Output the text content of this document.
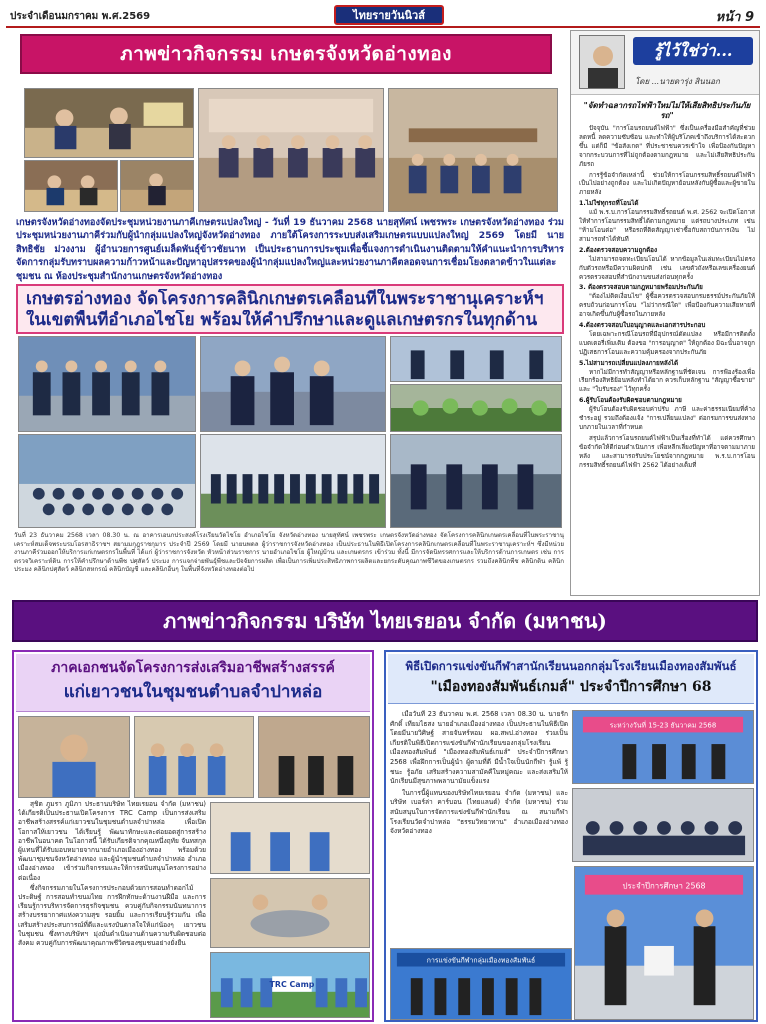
ประจำเดือนมกราคม พ.ศ.2569	ไทยรายวันนิวส์	หน้า 9
ภาพข่าวกิจกรรม เกษตรจังหวัดอ่างทอง
เกษตรจังหวัดอ่างทองจัดประชุมหน่วยงานภาคีเกษตรแปลงใหญ่ - วันที่ 19 ธันวาคม 2568 นายสุทัศน์ เพชรพระ เกษตรจังหวัดอ่างทอง ร่วมประชุมหน่วยงานภาคีร่วมกับผู้นำกลุ่มแปลงใหญ่จังหวัดอ่างทอง ภายใต้โครงการระบบส่งเสริมเกษตรแบบแปลงใหญ่ 2569 โดยมี นายสิทธิชัย ม่วงงาม ผู้อำนวยการศูนย์เมล็ดพันธุ์ข้าวชัยนาท เป็นประธานการประชุมเพื่อชี้แจงการดำเนินงานติดตามให้คำแนะนำการบริหารจัดการกลุ่มรับทราบผลความก้าวหน้าและปัญหาอุปสรรคของผู้นำกลุ่มแปลงใหญ่และหน่วยงานภาคีตลอดจนการเชื่อมโยงตลาดข้าวในแต่ละชุมชน ณ ห้องประชุมสำนักงานเกษตรจังหวัดอ่างทอง
เกษตรอ่างทอง จัดโครงการคลินิกเกษตรเคลื่อนที่ในพระราชานุเคราะห์ฯ
ในเขตพื้นที่อำเภอไชโย พร้อมให้คำปรึกษาและดูแลเกษตรกรในทุกด้าน
วันที่ 23 ธันวาคม 2568 เวลา 08.30 น. ณ อาคารเอนกประสงค์โรงเรียนวัดไชโย อำเภอไชโย จังหวัดอ่างทอง นายสุทัศน์ เพชรพระ เกษตรจังหวัดอ่างทอง จัดโครงการคลินิกเกษตรเคลื่อนที่ในพระราชานุเคราะห์สมเด็จพระบรมโอรสาธิราชฯ สยามมกุฎราชกุมาร ประจำปี 2569 โดยมี นายนพดล ผู้ว่าราชการจังหวัดอ่างทอง เป็นประธานในพิธีเปิดโครงการคลินิกเกษตรเคลื่อนที่ในพระราชานุเคราะห์ฯ ซึ่งมีหน่วยงานภาคีร่วมออกให้บริการแก่เกษตรกรในพื้นที่ ได้แก่ ผู้ว่าราชการจังหวัด หัวหน้าส่วนราชการ นายอำเภอไชโย ผู้ใหญ่บ้าน และเกษตรกร เข้าร่วม ทั้งนี้ มีการจัดนิทรรศการและให้บริการด้านการเกษตร เช่น การตรวจวิเคราะห์ดิน การให้คำปรึกษาด้านพืช ปศุสัตว์ ประมง การแจกจ่ายพันธุ์พืชและปัจจัยการผลิต เพื่อเป็นการเพิ่มประสิทธิภาพการผลิตและยกระดับคุณภาพชีวิตของเกษตรกร รวมถึงคลินิกพืช คลินิกดิน คลินิกประมง คลินิกปศุสัตว์ คลินิกสหกรณ์ คลินิกบัญชี และคลินิกอื่นๆ ในพื้นที่จังหวัดอ่างทองต่อไป
รู้ไว้ใช่ว่า...
โดย ...นายดารุ่ง สินนอก
"จัดทำฉลากรถไฟฟ้าใหม่ไม่ให้เสียสิทธิประกันภัยรถ"

ปัจจุบัน "การโอนรถยนต์ไฟฟ้า" ซึ่งเป็นเครื่องมือสำคัญที่ช่วยลดหนี้ ลดความซับซ้อน และทำให้ผู้บริโภคเข้าถึงบริการได้สะดวกขึ้น แต่ก็มี "ข้อสังเกต" ที่ประชาชนควรเข้าใจ เพื่อป้องกันปัญหาจากกระบวนการที่ไม่ถูกต้องตามกฎหมาย และไม่เสียสิทธิประกันภัยรถ

การรู้ข้อจำกัดเหล่านี้ ช่วยให้การโอนกรรมสิทธิ์รถยนต์ไฟฟ้าเป็นไปอย่างถูกต้อง และไม่เกิดปัญหาย้อนหลังกับผู้ซื้อและผู้ขายในภายหลัง

1.ไม่ใช่ทุกรถที่โอนได้

แม้ พ.ร.บ.การโอนกรรมสิทธิ์รถยนต์ พ.ศ. 2562 จะเปิดโอกาสให้ทำการโอนกรรมสิทธิ์ได้ตามกฎหมาย แต่รถบางประเภท เช่น "ห้ามโอนต่อ" หรือรถที่ติดสัญญาเช่าซื้อกับสถาบันการเงิน ไม่สามารถทำได้ทันที

2.ต้องตรวจสอบความถูกต้อง

ไม่สามารถจดทะเบียนโอนได้ หากข้อมูลในเล่มทะเบียนไม่ตรงกับตัวรถหรือมีความผิดปกติ เช่น เลขตัวถังหรือเลขเครื่องยนต์ ควรตรวจสอบที่สำนักงานขนส่งก่อนทุกครั้ง

3. ต้องตรวจสอบตามกฎหมายพร้อมประกันภัย

"ต้องไม่ติดเงื่อนไข" ผู้ซื้อควรตรวจสอบกรมธรรม์ประกันภัยให้ครบถ้วนก่อนการโอน "ไม่ว่ากรณีใด" เพื่อป้องกันความเสียหายที่อาจเกิดขึ้นกับผู้ซื้อรถในภายหลัง

4.ต้องตรวจสอบใบอนุญาตและเอกสารประกอบ

โดยเฉพาะกรณีโอนรถที่มีอุปกรณ์ดัดแปลง หรือมีการติดตั้งแบตเตอรี่เพิ่มเติม ต้องขอ "การอนุญาต" ให้ถูกต้อง มิฉะนั้นอาจถูกปฏิเสธการโอนและความคุ้มครองจากประกันภัย

5.ไม่สามารถเปลี่ยนแปลงภายหลังได้

หากไม่มีการทำสัญญาหรือหลักฐานที่ชัดเจน การฟ้องร้องเพื่อเรียกร้องสิทธิย้อนหลังทำได้ยาก ควรเก็บหลักฐาน "สัญญาซื้อขาย" และ "ใบรับรอง" ไว้ทุกครั้ง

6.ผู้รับโอนต้องรับผิดชอบตามกฎหมาย

ผู้รับโอนต้องรับผิดชอบค่าปรับ ภาษี และค่าธรรมเนียมที่ค้างชำระอยู่ รวมถึงต้องแจ้ง "การเปลี่ยนแปลง" ต่อกรมการขนส่งทางบกภายในเวลาที่กำหนด

สรุปแล้วการโอนรถยนต์ไฟฟ้าเป็นเรื่องที่ทำได้ แต่ควรศึกษาข้อจำกัดให้ดีก่อนดำเนินการ เพื่อหลีกเลี่ยงปัญหาที่อาจตามมาภายหลัง และสามารถรับประโยชน์จากกฎหมาย พ.ร.บ.การโอนกรรมสิทธิ์รถยนต์ไฟฟ้า 2562 ได้อย่างเต็มที่

ภาพข่าวกิจกรรม บริษัท ไทยเรยอน จำกัด (มหาชน)
ภาคเอกชนจัดโครงการส่งเสริมอาชีพสร้างสรรค์
แก่เยาวชนในชุมชนตำบลจำปาหล่อ
TRC Camp

สุชิต ภูมรา ภูมิภา ประธานบริษัท ไทยเรยอน จำกัด (มหาชน) ได้เกียรติเป็นประธานเปิดโครงการ TRC Camp เป็นการส่งเสริมอาชีพสร้างสรรค์แก่เยาวชนในชุมชนตำบลจำปาหล่อ เพื่อเปิดโอกาสให้เยาวชน ได้เรียนรู้ พัฒนาทักษะและต่อยอดสู่การสร้างอาชีพในอนาคต ในโอกาสนี้ ได้รับเกียรติจากคุณหนึ่งฤทัย จันทสกุล ผู้แทนที่ได้รับมอบหมายจากนายอำเภอเมืองอ่างทอง พร้อมด้วยพัฒนาชุมชนจังหวัดอ่างทอง และผู้นำชุมชนตำบลจำปาหล่อ อำเภอเมืองอ่างทอง เข้าร่วมกิจกรรมและให้การสนับสนุนโครงการอย่างต่อเนื่อง

ซึ่งกิจกรรมภายในโครงการประกอบด้วยการสอนทำดอกไม้ประดิษฐ์ การสอนทำขนมไทย การฝึกทักษะด้านงานฝีมือ และการเรียนรู้การบริหารจัดการธุรกิจชุมชน ควบคู่กับกิจกรรมนันทนาการ สร้างบรรยากาศแห่งความสุข รอยยิ้ม และการเรียนรู้ร่วมกัน เพื่อเสริมสร้างประสบการณ์ที่ดีและแรงบันดาลใจให้แก่น้องๆ เยาวชนในชุมชน ซึ่งทางบริษัทฯ มุ่งมั่นดำเนินงานด้านความรับผิดชอบต่อสังคม ควบคู่กับการพัฒนาคุณภาพชีวิตของชุมชนอย่างยั่งยืน

พิธีเปิดการแข่งขันกีฬาสานักเรียนนอกกลุ่มโรงเรียนเมืองทองสัมพันธ์
"เมืองทองสัมพันธ์เกมส์" ประจำปีการศึกษา 68

เมื่อวันที่ 23 ธันวาคม พ.ศ. 2568 เวลา 08.30 น. นายรักศักดิ์ เทียมไธสง นายอำเภอเมืองอ่างทอง เป็นประธานในพิธีเปิด โดยมีนายวิศิษฐ์ สายจันทร์หอม ผอ.สพป.อ่างทอง ร่วมเป็นเกียรติในพิธีเปิดการแข่งขันกีฬานักเรียนของกลุ่มโรงเรียนเมืองทองสัมพันธ์ "เมืองทองสัมพันธ์เกมส์" ประจำปีการศึกษา 2568 เพื่อฝึกการเป็นผู้นำ ผู้ตามที่ดี มีน้ำใจเป็นนักกีฬา รู้แพ้ รู้ชนะ รู้อภัย เสริมสร้างความสามัคคีในหมู่คณะ และส่งเสริมให้นักเรียนมีสุขภาพพลานามัยแข็งแรง

ในการนี้ผู้แทนของบริษัทไทยเรยอน จำกัด (มหาชน) และบริษัท เบอร์ล่า คาร์บอน (ไทยแลนด์) จำกัด (มหาชน) ร่วมสนับสนุนในการจัดการแข่งขันกีฬานักเรียน ณ สนามกีฬาโรงเรียนวัดจำปาหล่อ "ธรรมวิทยาทาน" อำเภอเมืองอ่างทอง จังหวัดอ่างทอง

ระหว่างวันที่ 15-23 ธันวาคม 2568
การแข่งขันกีฬากลุ่มเมืองทองสัมพันธ์
ประจำปีการศึกษา 2568
